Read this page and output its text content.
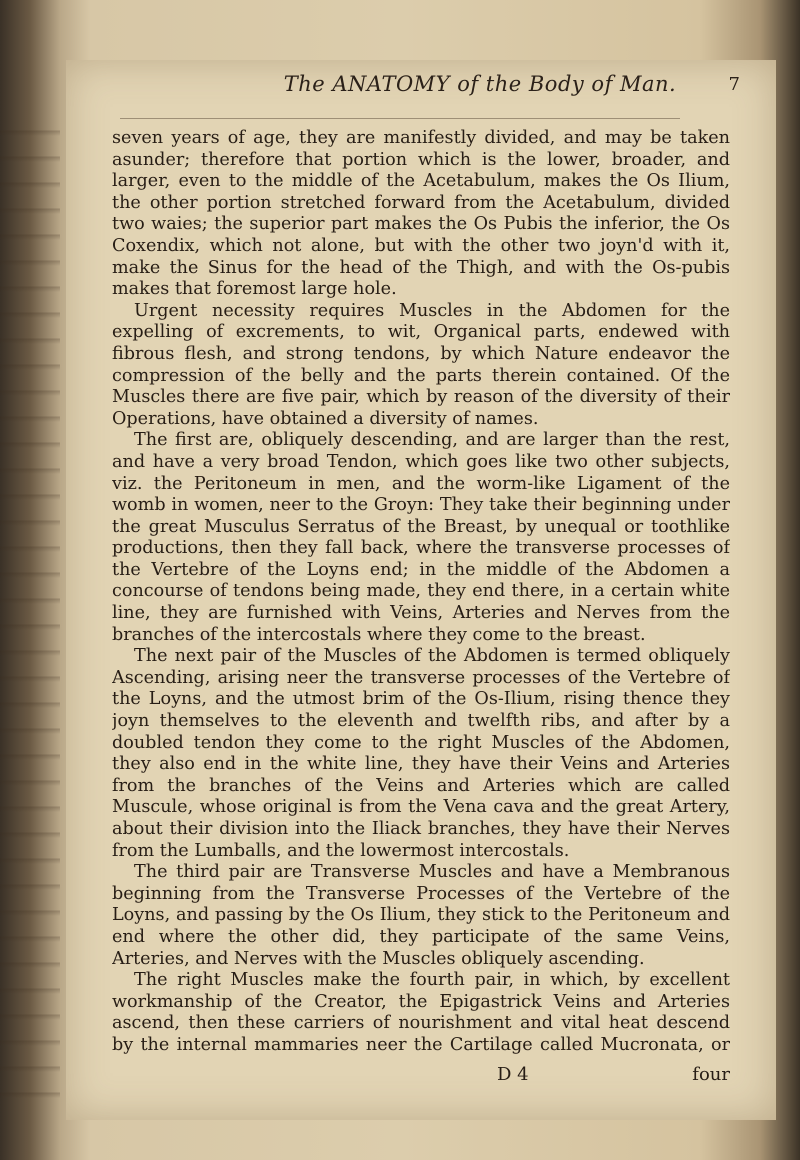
The ANATOMY of the Body of Man.	7

seven years of age, they are manifestly divided, and may be taken asunder; therefore that portion which is the lower, broader, and larger, even to the middle of the Acetabulum, makes the Os Ilium, the other portion stretched forward from the Acetabulum, divided two waies; the superior part makes the Os Pubis the inferior, the Os Coxendix, which not alone, but with the other two joyn'd with it, make the Sinus for the head of the Thigh, and with the Os-pubis makes that foremost large hole.

Urgent necessity requires Muscles in the Abdomen for the expelling of excrements, to wit, Organical parts, endewed with fibrous flesh, and strong tendons, by which Nature endeavor the compression of the belly and the parts therein contained. Of the Muscles there are five pair, which by reason of the diversity of their Operations, have obtained a diversity of names.

The first are, obliquely descending, and are larger than the rest, and have a very broad Tendon, which goes like two other subjects, viz. the Peritoneum in men, and the worm-like Ligament of the womb in women, neer to the Groyn: They take their beginning under the great Musculus Serratus of the Breast, by unequal or toothlike productions, then they fall back, where the transverse processes of the Vertebre of the Loyns end; in the middle of the Abdomen a concourse of tendons being made, they end there, in a certain white line, they are furnished with Veins, Arteries and Nerves from the branches of the intercostals where they come to the breast.

The next pair of the Muscles of the Abdomen is termed obliquely Ascending, arising neer the transverse processes of the Vertebre of the Loyns, and the utmost brim of the Os-Ilium, rising thence they joyn themselves to the eleventh and twelfth ribs, and after by a doubled tendon they come to the right Muscles of the Abdomen, they also end in the white line, they have their Veins and Arteries from the branches of the Veins and Arteries which are called Muscule, whose original is from the Vena cava and the great Artery, about their division into the Iliack branches, they have their Nerves from the Lumballs, and the lowermost intercostals.

The third pair are Transverse Muscles and have a Membranous beginning from the Transverse Processes of the Vertebre of the Loyns, and passing by the Os Ilium, they stick to the Peritoneum and end where the other did, they participate of the same Veins, Arteries, and Nerves with the Muscles obliquely ascending.

The right Muscles make the fourth pair, in which, by excellent workmanship of the Creator, the Epigastrick Veins and Arteries ascend, then these carriers of nourishment and vital heat descend by the internal mammaries neer the Cartilage called Mucronata, or

D 4	four
